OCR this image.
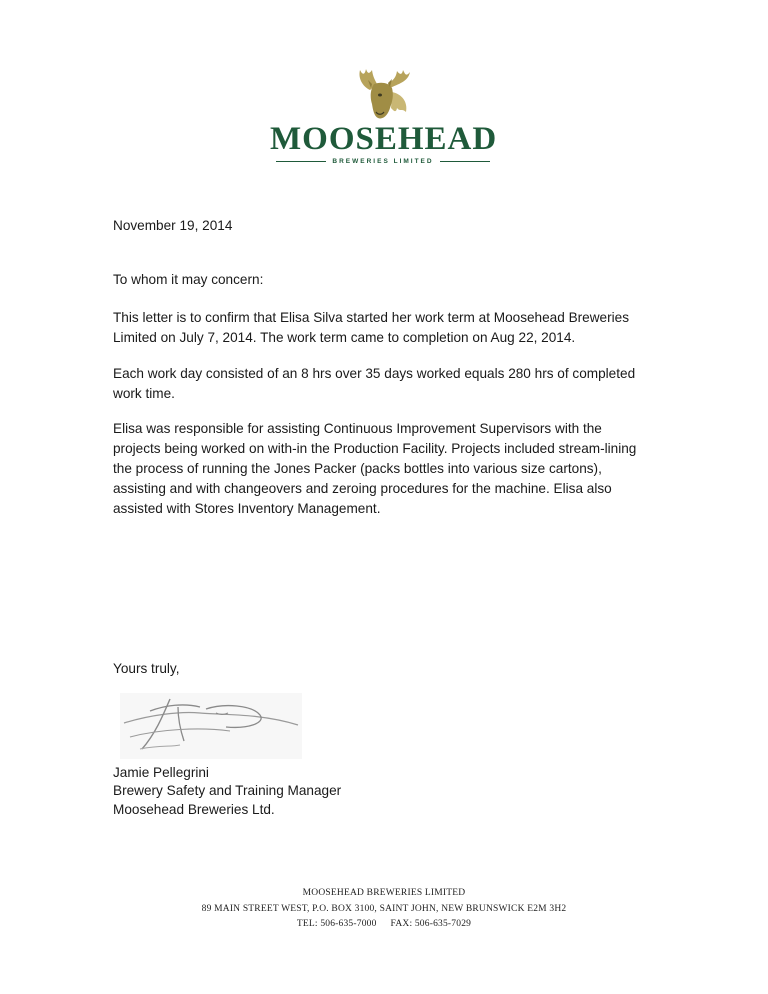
MOOSEHEAD
BREWERIES LIMITED

November 19, 2014

To whom it may concern:

This letter is to confirm that Elisa Silva started her work term at Moosehead Breweries Limited on July 7, 2014. The work term came to completion on Aug 22, 2014.

Each work day consisted of an 8 hrs over 35 days worked equals 280 hrs of completed work time.

Elisa was responsible for assisting Continuous Improvement Supervisors with the projects being worked on with-in the Production Facility. Projects included stream-lining the process of running the Jones Packer (packs bottles into various size cartons), assisting and with changeovers and zeroing procedures for the machine. Elisa also assisted with Stores Inventory Management.

Yours truly,

Jamie Pellegrini

Brewery Safety and Training Manager

Moosehead Breweries Ltd.

MOOSEHEAD BREWERIES LIMITED
89 MAIN STREET WEST, P.O. BOX 3100, SAINT JOHN, NEW BRUNSWICK E2M 3H2
TEL: 506-635-7000 FAX: 506-635-7029
